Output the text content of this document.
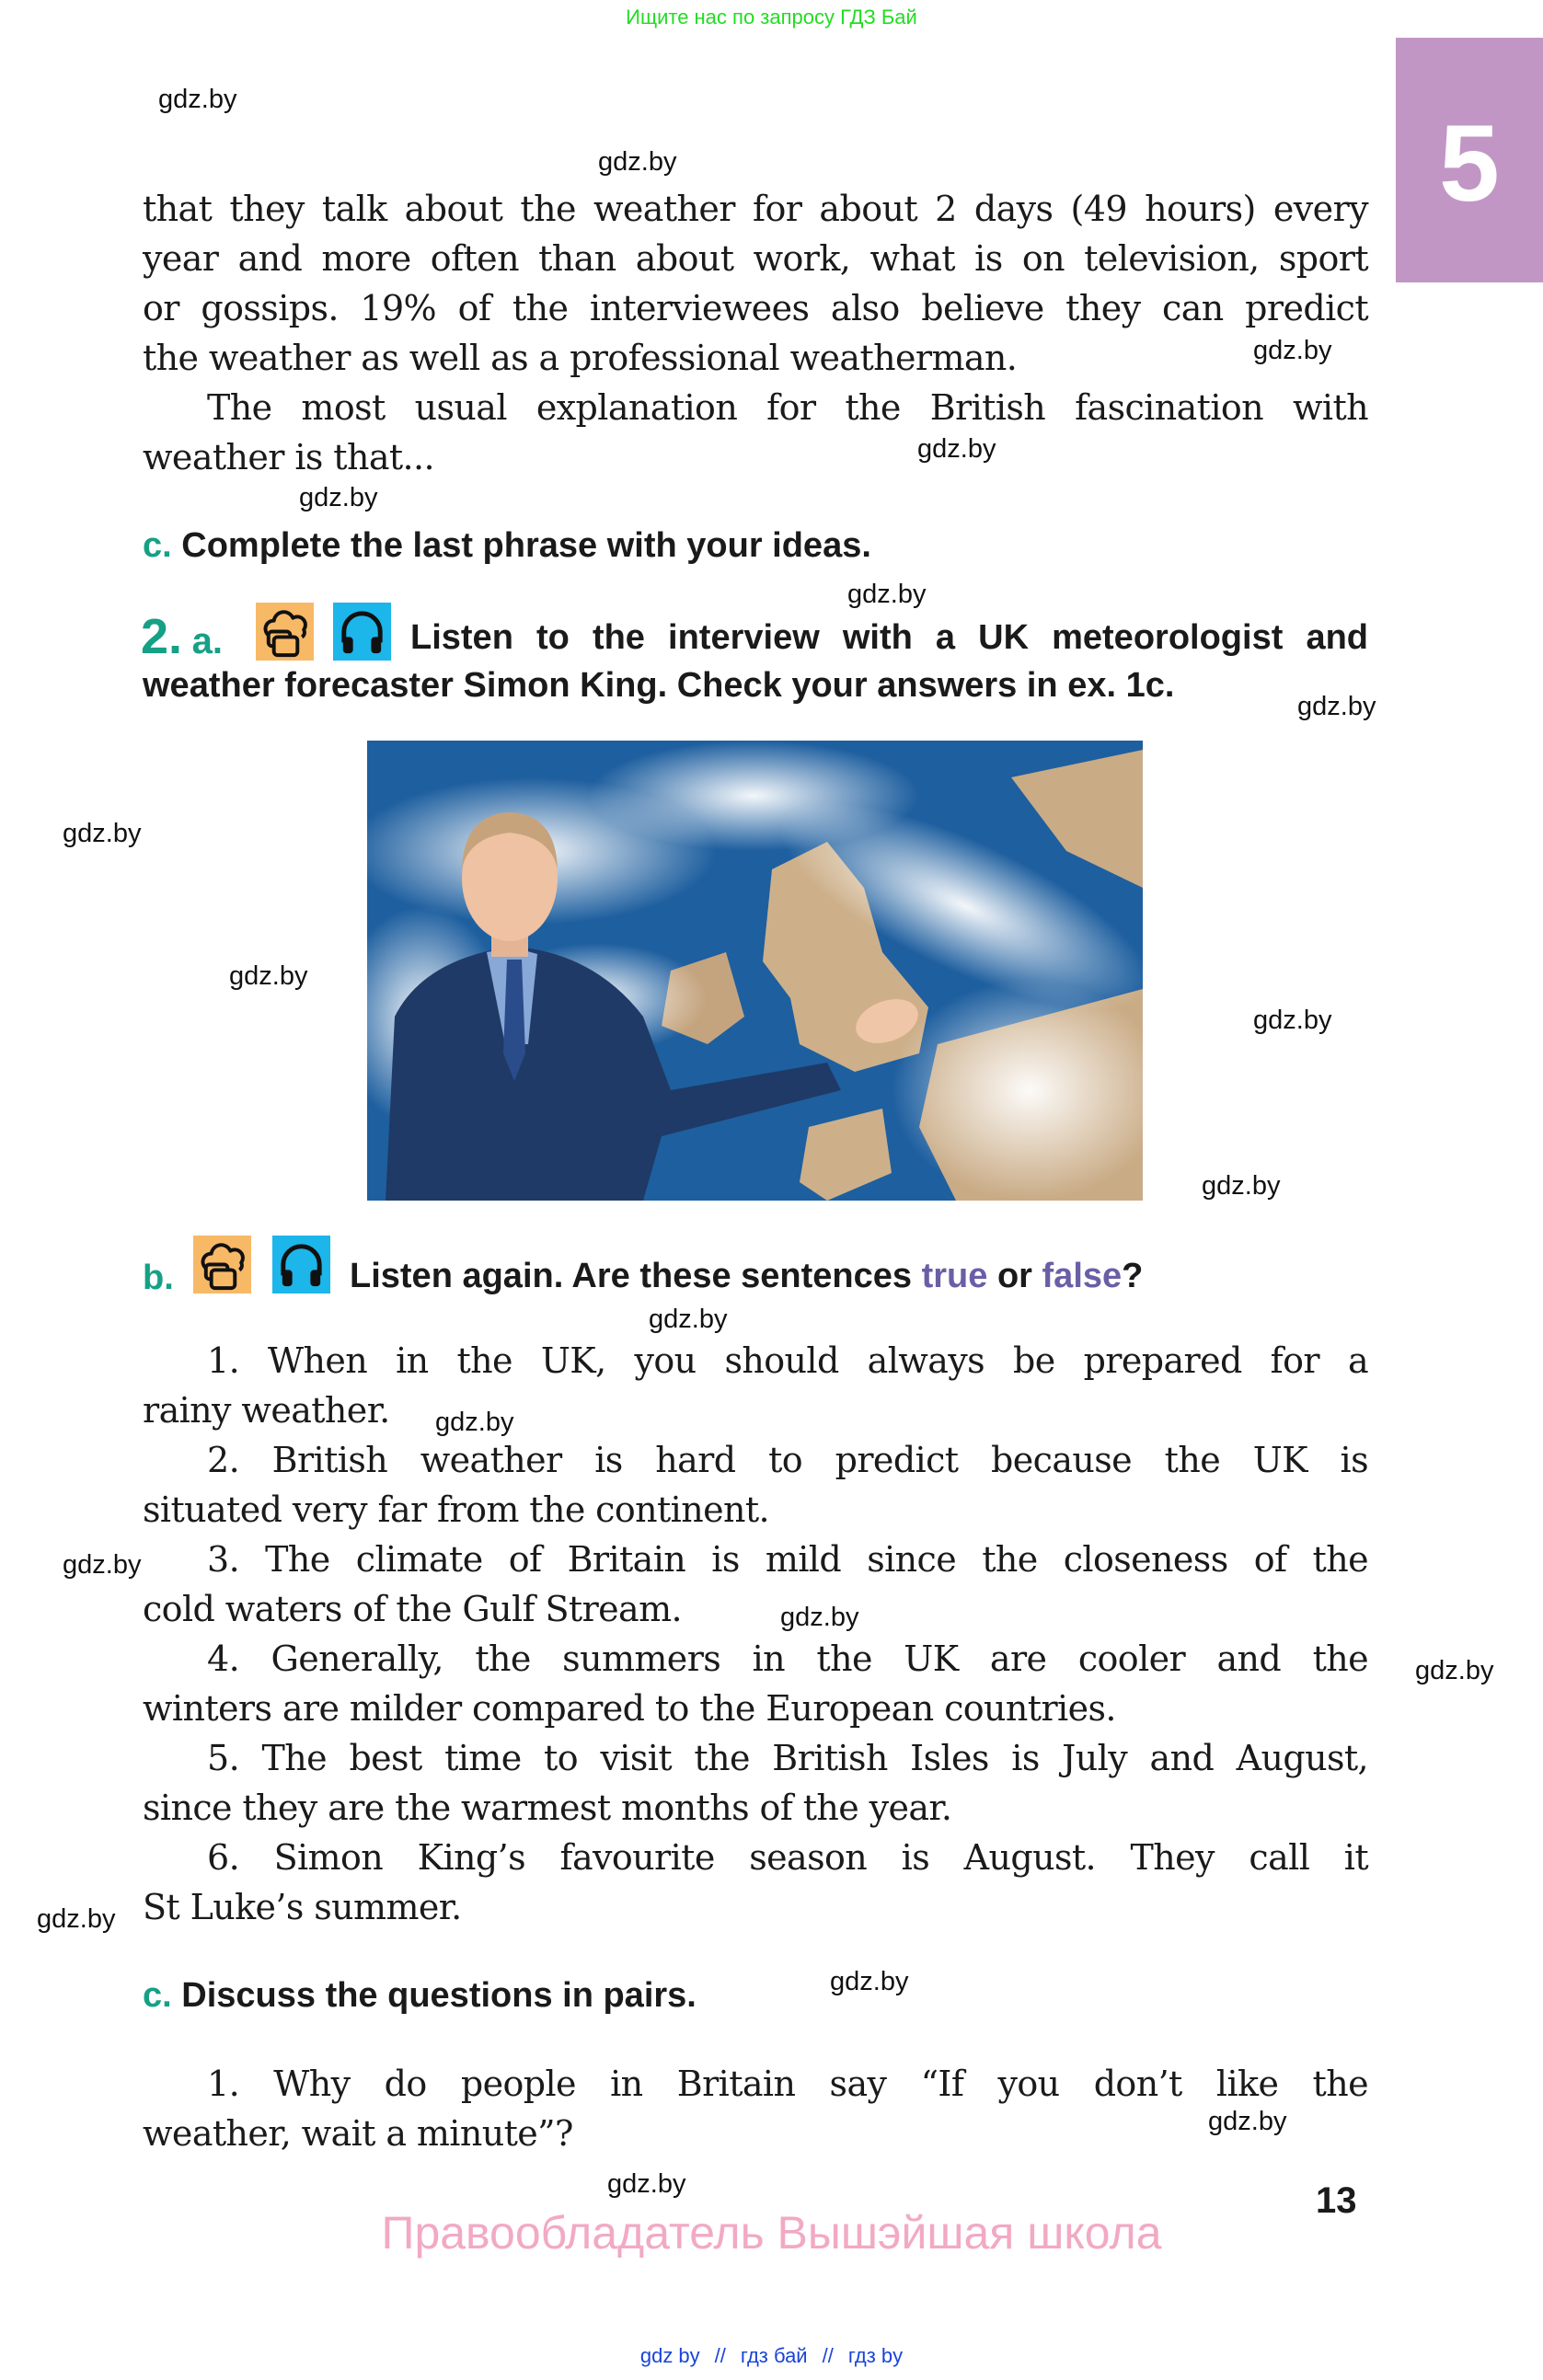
Ищите нас по запросу ГДЗ Бай
5
gdz.by
gdz.by
gdz.by
gdz.by
gdz.by
gdz.by
gdz.by
gdz.by
gdz.by
gdz.by
gdz.by
gdz.by
gdz.by
gdz.by
gdz.by
gdz.by
gdz.by
gdz.by
gdz.by
gdz.by
that they talk about the weather for about 2 days (49 hours) every
year and more often than about work, what is on television, sport
or gossips. 19% of the interviewees also believe they can predict
the weather as well as a professional weatherman.
The most usual explanation for the British fascination with
weather is that...
c. Complete the last phrase with your ideas.
2. a.	Listen to the interview with a UK meteorologist and
weather forecaster Simon King. Check your answers in ex. 1c.
b.	Listen again. Are these sentences true or false?
1. When in the UK, you should always be prepared for a
rainy weather.
2. British weather is hard to predict because the UK is
situated very far from the continent.
3. The climate of Britain is mild since the closeness of the
cold waters of the Gulf Stream.
4. Generally, the summers in the UK are cooler and the
winters are milder compared to the European countries.
5. The best time to visit the British Isles is July and August,
since they are the warmest months of the year.
6. Simon King’s favourite season is August. They call it
St Luke’s summer.
c. Discuss the questions in pairs.
1. Why do people in Britain say “If you don’t like the
weather, wait a minute”?
13
Правообладатель Вышэйшая школа
gdz by // гдз бай // гдз by
